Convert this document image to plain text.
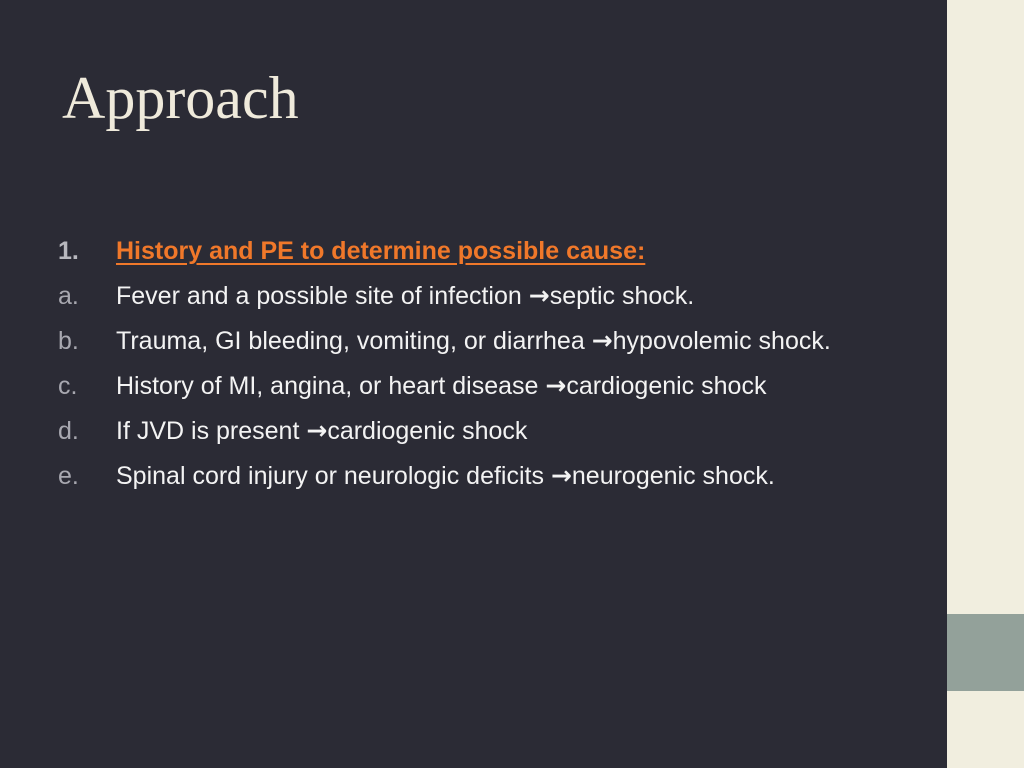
Approach
1. History and PE to determine possible cause:
a. Fever and a possible site of infection →septic shock.
b. Trauma, GI bleeding, vomiting, or diarrhea →hypovolemic shock.
c. History of MI, angina, or heart disease →cardiogenic shock
d. If JVD is present →cardiogenic shock
e. Spinal cord injury or neurologic deficits →neurogenic shock.
